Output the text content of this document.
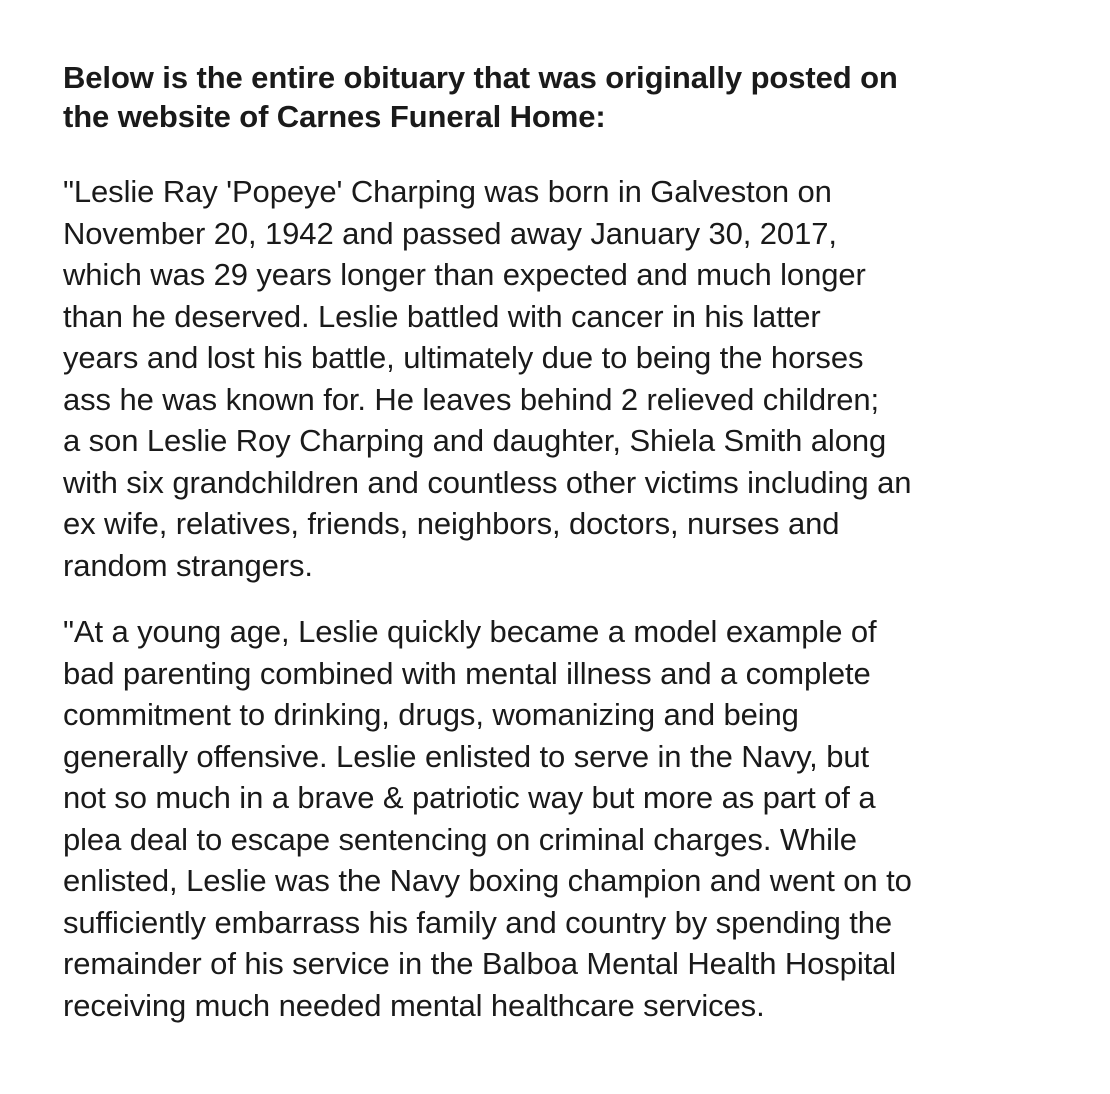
Below is the entire obituary that was originally posted on
the website of Carnes Funeral Home:
"Leslie Ray 'Popeye' Charping was born in Galveston on
November 20, 1942 and passed away January 30, 2017,
which was 29 years longer than expected and much longer
than he deserved. Leslie battled with cancer in his latter
years and lost his battle, ultimately due to being the horses
ass he was known for. He leaves behind 2 relieved children;
a son Leslie Roy Charping and daughter, Shiela Smith along
with six grandchildren and countless other victims including an
ex wife, relatives, friends, neighbors, doctors, nurses and
random strangers.
"At a young age, Leslie quickly became a model example of
bad parenting combined with mental illness and a complete
commitment to drinking, drugs, womanizing and being
generally offensive. Leslie enlisted to serve in the Navy, but
not so much in a brave & patriotic way but more as part of a
plea deal to escape sentencing on criminal charges. While
enlisted, Leslie was the Navy boxing champion and went on to
sufficiently embarrass his family and country by spending the
remainder of his service in the Balboa Mental Health Hospital
receiving much needed mental healthcare services.
